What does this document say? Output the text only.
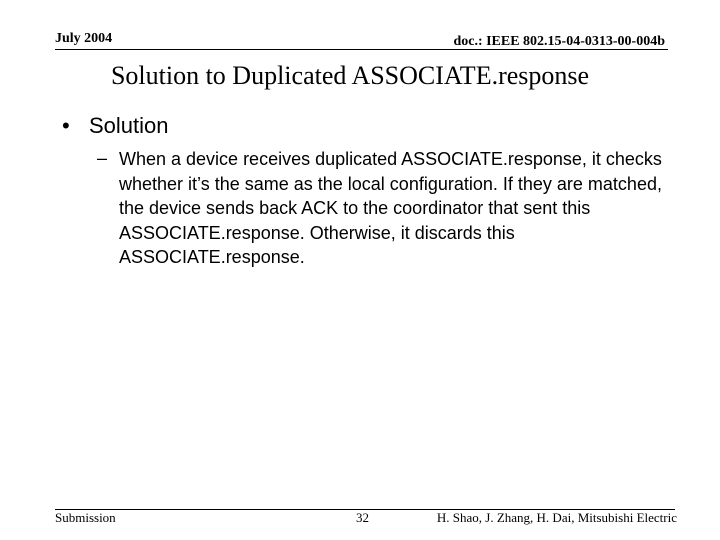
July 2004	doc.: IEEE 802.15-04-0313-00-004b
Solution to Duplicated ASSOCIATE.response
• Solution
– When a device receives duplicated ASSOCIATE.response, it checks whether it’s the same as the local configuration. If they are matched, the device sends back ACK to the coordinator that sent this ASSOCIATE.response. Otherwise, it discards this ASSOCIATE.response.
Submission	32	H. Shao, J. Zhang, H. Dai, Mitsubishi Electric
